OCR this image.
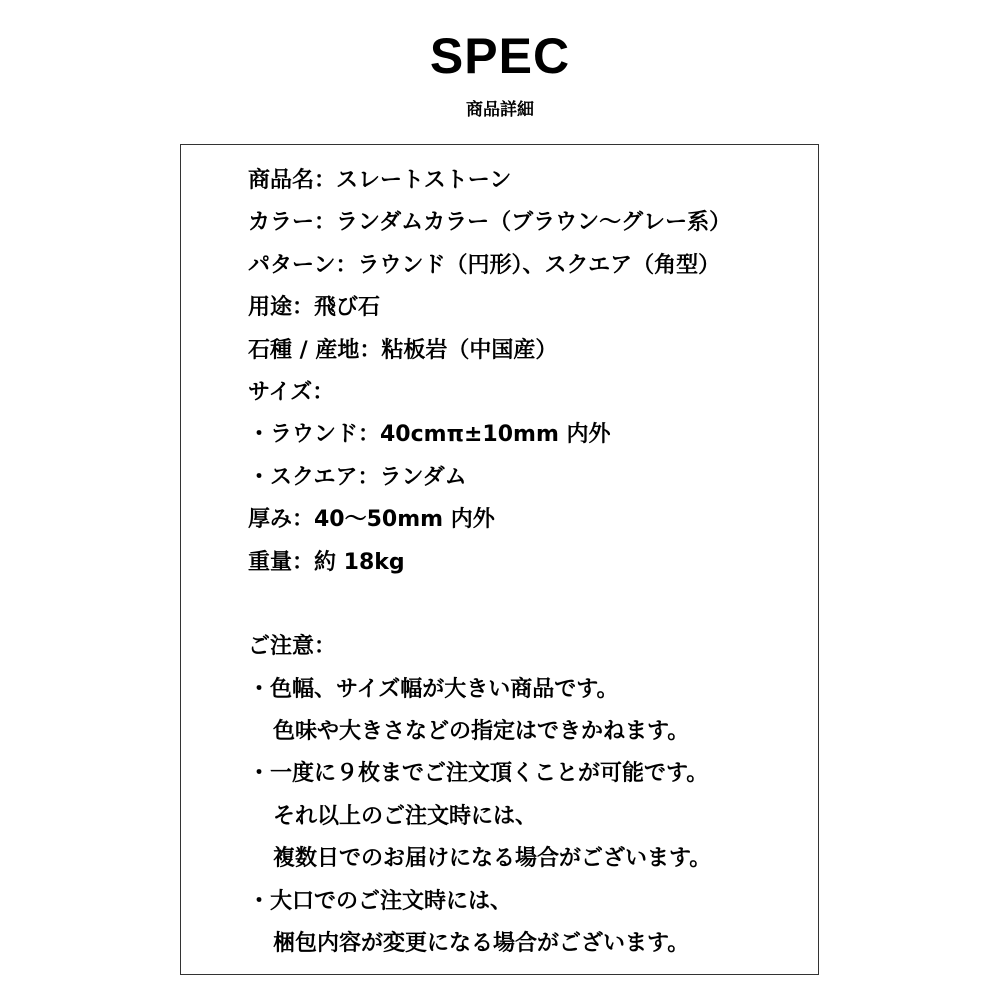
SPEC
商品詳細
商品名：スレートストーン
カラー：ランダムカラー（ブラウン～グレー系）
パターン：ラウンド（円形）、スクエア（角型）
用途：飛び石
石種 / 産地：粘板岩（中国産）
サイズ：
・ラウンド：40cmπ±10mm 内外
・スクエア：ランダム
厚み：40～50mm 内外
重量：約 18kg
ご注意：
・色幅、サイズ幅が大きい商品です。
色味や大きさなどの指定はできかねます。
・一度に９枚までご注文頂くことが可能です。
それ以上のご注文時には、
複数日でのお届けになる場合がございます。
・大口でのご注文時には、
梱包内容が変更になる場合がございます。
